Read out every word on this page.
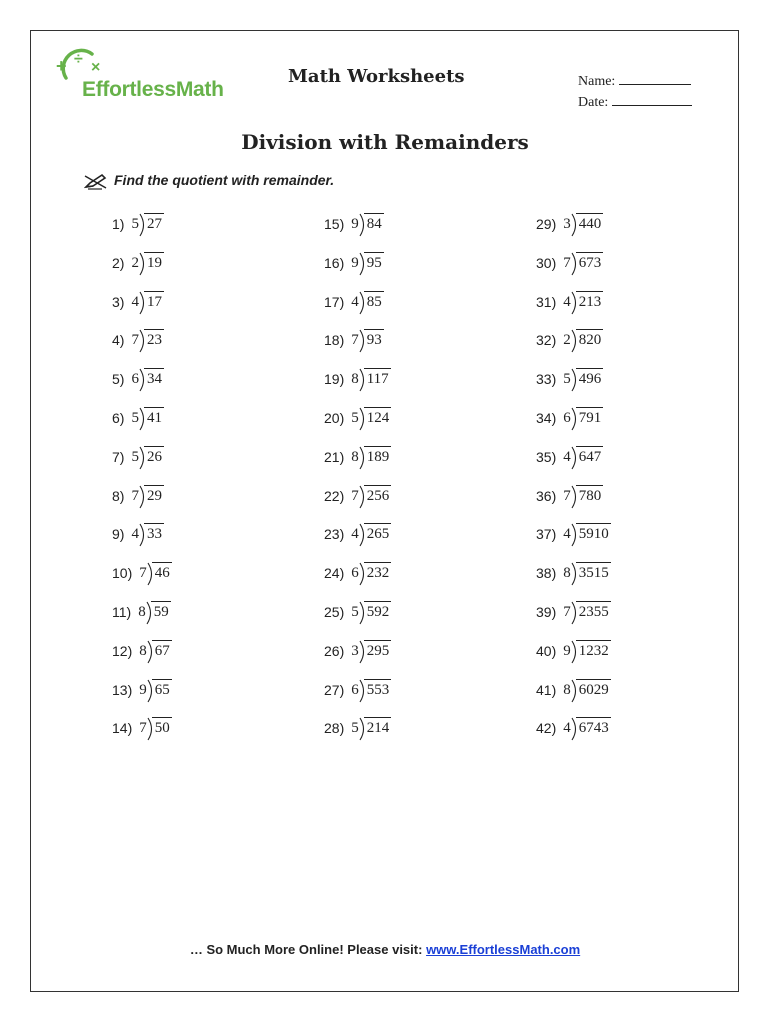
+ ÷ ×
EffortlessMath
Math Worksheets	Name:
Date:
Division with Remainders
Find the quotient with remainder.
1) 5 27
2) 2 19
3) 4 17
4) 7 23
5) 6 34
6) 5 41
7) 5 26
8) 7 29
9) 4 33
10) 7 46
11) 8 59
12) 8 67
13) 9 65
14) 7 50
15) 9 84
16) 9 95
17) 4 85
18) 7 93
19) 8 117
20) 5 124
21) 8 189
22) 7 256
23) 4 265
24) 6 232
25) 5 592
26) 3 295
27) 6 553
28) 5 214
29) 3 440
30) 7 673
31) 4 213
32) 2 820
33) 5 496
34) 6 791
35) 4 647
36) 7 780
37) 4 5910
38) 8 3515
39) 7 2355
40) 9 1232
41) 8 6029
42) 4 6743
… So Much More Online! Please visit: www.EffortlessMath.com
